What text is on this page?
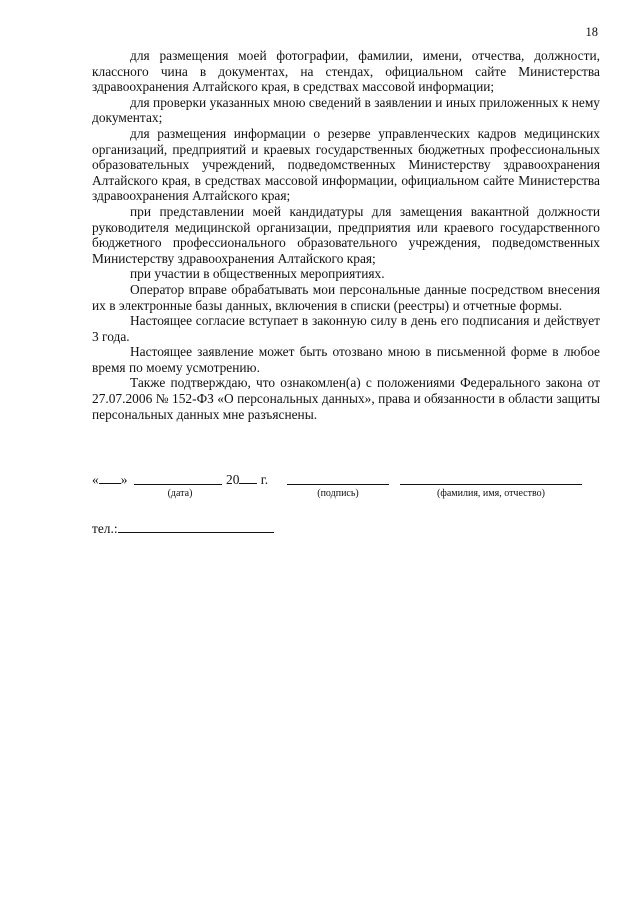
18

для размещения моей фотографии, фамилии, имени, отчества, должности, классного чина в документах, на стендах, официальном сайте Министерства здравоохранения Алтайского края, в средствах массовой информации;

для проверки указанных мною сведений в заявлении и иных приложенных к нему документах;

для размещения информации о резерве управленческих кадров медицинских организаций, предприятий и краевых государственных бюджетных профессиональных образовательных учреждений, подведомственных Министерству здравоохранения Алтайского края, в средствах массовой информации, официальном сайте Министерства здравоохранения Алтайского края;

при представлении моей кандидатуры для замещения вакантной должности руководителя медицинской организации, предприятия или краевого государственного бюджетного профессионального образовательного учреждения, подведомственных Министерству здравоохранения Алтайского края;

при участии в общественных мероприятиях.

Оператор вправе обрабатывать мои персональные данные посредством внесения их в электронные базы данных, включения в списки (реестры) и отчетные формы.

Настоящее согласие вступает в законную силу в день его подписания и действует 3 года.

Настоящее заявление может быть отозвано мною в письменной форме в любое время по моему усмотрению.

Также подтверждаю, что ознакомлен(а) с положениями Федерального закона от 27.07.2006 № 152-ФЗ «О персональных данных», права и обязанности в области защиты персональных данных мне разъяснены.

« »	20 г.
(дата)	(подпись)	(фамилия, имя, отчество)
тел.:
